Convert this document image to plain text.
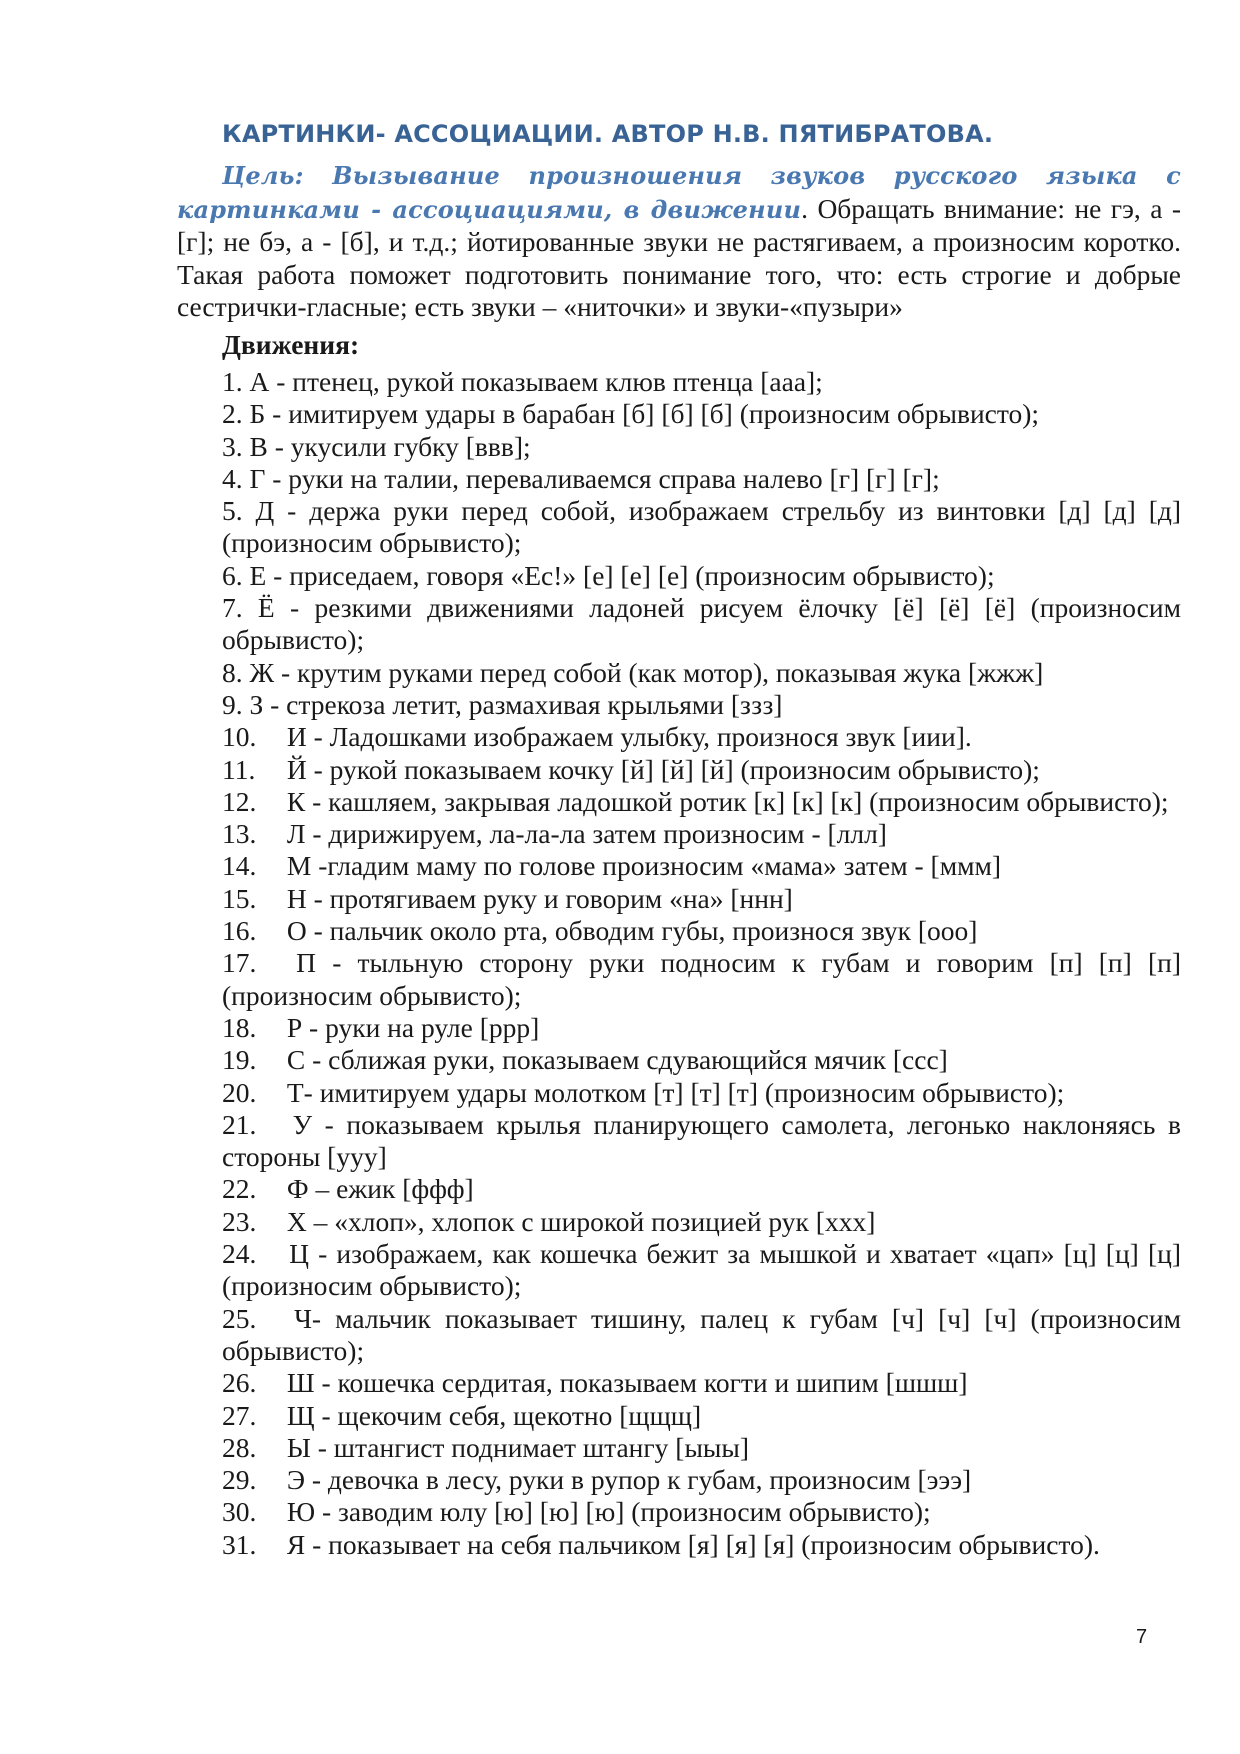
КАРТИНКИ- АССОЦИАЦИИ. АВТОР Н.В. ПЯТИБРАТОВА.

Цель: Вызывание произношения звуков русского языка с картинками - ассоциациями, в движении. Обращать внимание: не гэ, а - [г]; не бэ, а - [б], и т.д.; йотированные звуки не растягиваем, а произносим коротко. Такая работа поможет подготовить понимание того, что: есть строгие и добрые сестрички-гласные; есть звуки – «ниточки» и звуки-«пузыри»

Движения:
1. А - птенец, рукой показываем клюв птенца [ааа];
2. Б - имитируем удары в барабан [б] [б] [б] (произносим обрывисто);
3. В - укусили губку [ввв];
4. Г - руки на талии, переваливаемся справа налево [г] [г] [г];
5. Д - держа руки перед собой, изображаем стрельбу из винтовки [д] [д] [д] (произносим обрывисто);
6. Е - приседаем, говоря «Ес!» [е] [е] [е] (произносим обрывисто);
7. Ё - резкими движениями ладоней рисуем ёлочку [ё] [ё] [ё] (произносим обрывисто);
8. Ж - крутим руками перед собой (как мотор), показывая жука [жжж]
9. З - стрекоза летит, размахивая крыльями [ззз]
10. И - Ладошками изображаем улыбку, произнося звук [иии].
11. Й - рукой показываем кочку [й] [й] [й] (произносим обрывисто);
12. К - кашляем, закрывая ладошкой ротик [к] [к] [к] (произносим обрывисто);
13. Л - дирижируем, ла-ла-ла затем произносим - [ллл]
14. М -гладим маму по голове произносим «мама» затем - [ммм]
15. Н - протягиваем руку и говорим «на» [ннн]
16. О - пальчик около рта, обводим губы, произнося звук [ооо]
17. П - тыльную сторону руки подносим к губам и говорим [п] [п] [п] (произносим обрывисто);
18. Р - руки на руле [ррр]
19. С - сближая руки, показываем сдувающийся мячик [ссс]
20. Т- имитируем удары молотком [т] [т] [т] (произносим обрывисто);
21. У - показываем крылья планирующего самолета, легонько наклоняясь в стороны [ууу]
22. Ф – ежик [ффф]
23. Х – «хлоп», хлопок с широкой позицией рук [ххх]
24. Ц - изображаем, как кошечка бежит за мышкой и хватает «цап» [ц] [ц] [ц] (произносим обрывисто);
25. Ч- мальчик показывает тишину, палец к губам [ч] [ч] [ч] (произносим обрывисто);
26. Ш - кошечка сердитая, показываем когти и шипим [шшш]
27. Щ - щекочим себя, щекотно [щщщ]
28. Ы - штангист поднимает штангу [ыыы]
29. Э - девочка в лесу, руки в рупор к губам, произносим [эээ]
30. Ю - заводим юлу [ю] [ю] [ю] (произносим обрывисто);
31. Я - показывает на себя пальчиком [я] [я] [я] (произносим обрывисто).
7
